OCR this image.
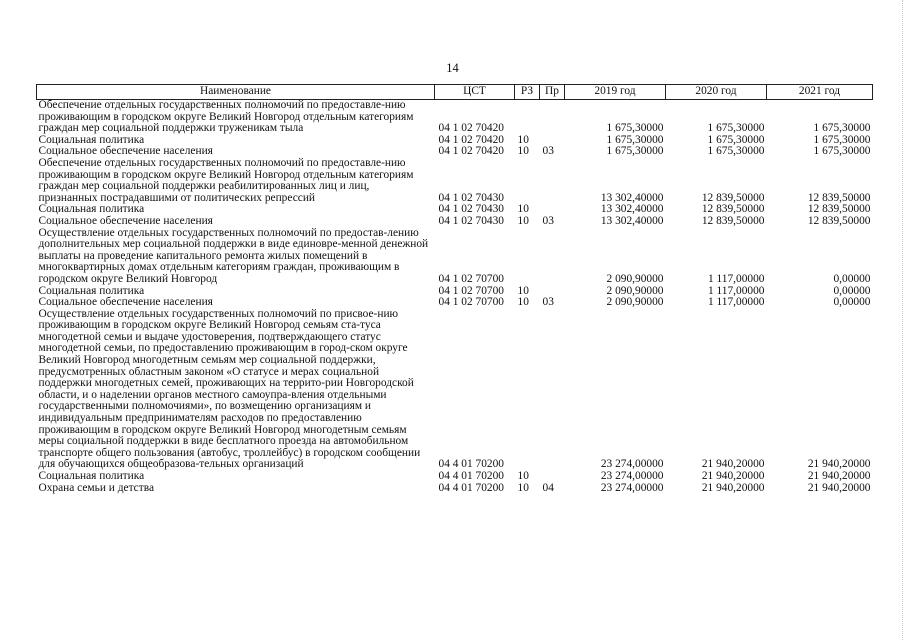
14
Наименование	ЦСТ	РЗ	Пр	2019 год	2020 год	2021 год
Обеспечение отдельных государственных полномочий по предоставле-нию проживающим в городском округе Великий Новгород отдельным категориям граждан мер социальной поддержки труженикам тыла	04 1 02 70420			1 675,30000	1 675,30000	1 675,30000
Социальная политика	04 1 02 70420	10		1 675,30000	1 675,30000	1 675,30000
Социальное обеспечение населения	04 1 02 70420	10	03	1 675,30000	1 675,30000	1 675,30000
Обеспечение отдельных государственных полномочий по предоставле-нию проживающим в городском округе Великий Новгород отдельным категориям граждан мер социальной поддержки реабилитированных лиц и лиц, признанных пострадавшими от политических репрессий	04 1 02 70430			13 302,40000	12 839,50000	12 839,50000
Социальная политика	04 1 02 70430	10		13 302,40000	12 839,50000	12 839,50000
Социальное обеспечение населения	04 1 02 70430	10	03	13 302,40000	12 839,50000	12 839,50000
Осуществление отдельных государственных полномочий по предостав-лению дополнительных мер социальной поддержки в виде единовре-менной денежной выплаты на проведение капитального ремонта жилых помещений в многоквартирных домах отдельным категориям граждан, проживающим в городском округе Великий Новгород	04 1 02 70700			2 090,90000	1 117,00000	0,00000
Социальная политика	04 1 02 70700	10		2 090,90000	1 117,00000	0,00000
Социальное обеспечение населения	04 1 02 70700	10	03	2 090,90000	1 117,00000	0,00000
Осуществление отдельных государственных полномочий по присвое-нию проживающим в городском округе Великий Новгород семьям ста-туса многодетной семьи и выдаче удостоверения, подтверждающего статус многодетной семьи, по предоставлению проживающим в город-ском округе Великий Новгород многодетным семьям мер социальной поддержки, предусмотренных областным законом «О статусе и мерах социальной поддержки многодетных семей, проживающих на террито-рии Новгородской области, и о наделении органов местного самоупра-вления отдельными государственными полномочиями», по возмещению организациям и индивидуальным предпринимателям расходов по предоставлению проживающим в городском округе Великий Новгород многодетным семьям меры социальной поддержки в виде бесплатного проезда на автомобильном транспорте общего пользования (автобус, троллейбус) в городском сообщении для обучающихся общеобразова-тельных организаций	04 4 01 70200			23 274,00000	21 940,20000	21 940,20000
Социальная политика	04 4 01 70200	10		23 274,00000	21 940,20000	21 940,20000
Охрана семьи и детства	04 4 01 70200	10	04	23 274,00000	21 940,20000	21 940,20000
